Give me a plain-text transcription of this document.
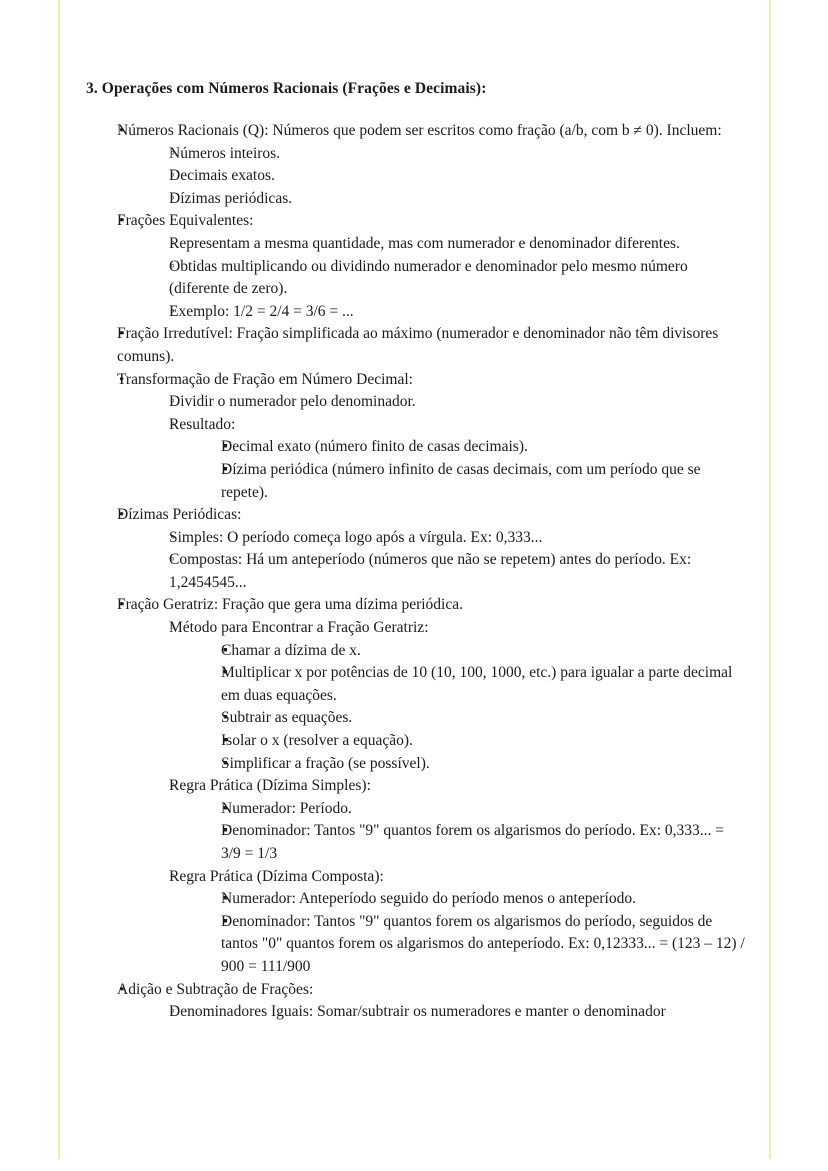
3. Operações com Números Racionais (Frações e Decimais):
• Números Racionais (Q): Números que podem ser escritos como fração (a/b, com b ≠ 0). Incluem:
◦ Números inteiros.
◦ Decimais exatos.
◦ Dízimas periódicas.
• Frações Equivalentes:
◦ Representam a mesma quantidade, mas com numerador e denominador diferentes.
◦ Obtidas multiplicando ou dividindo numerador e denominador pelo mesmo número (diferente de zero).
◦ Exemplo: 1/2 = 2/4 = 3/6 = ...
• Fração Irredutível: Fração simplificada ao máximo (numerador e denominador não têm divisores comuns).
• Transformação de Fração em Número Decimal:
◦ Dividir o numerador pelo denominador.
◦ Resultado:
▪ Decimal exato (número finito de casas decimais).
▪ Dízima periódica (número infinito de casas decimais, com um período que se repete).
• Dízimas Periódicas:
◦ Simples: O período começa logo após a vírgula. Ex: 0,333...
◦ Compostas: Há um anteperíodo (números que não se repetem) antes do período. Ex: 1,2454545...
• Fração Geratriz: Fração que gera uma dízima periódica.
◦ Método para Encontrar a Fração Geratriz:
▪ Chamar a dízima de x.
▪ Multiplicar x por potências de 10 (10, 100, 1000, etc.) para igualar a parte decimal em duas equações.
▪ Subtrair as equações.
▪ Isolar o x (resolver a equação).
▪ Simplificar a fração (se possível).
◦ Regra Prática (Dízima Simples):
▪ Numerador: Período.
▪ Denominador: Tantos "9" quantos forem os algarismos do período. Ex: 0,333... = 3/9 = 1/3
◦ Regra Prática (Dízima Composta):
▪ Numerador: Anteperíodo seguido do período menos o anteperíodo.
▪ Denominador: Tantos "9" quantos forem os algarismos do período, seguidos de tantos "0" quantos forem os algarismos do anteperíodo. Ex: 0,12333... = (123 – 12) / 900 = 111/900
• Adição e Subtração de Frações:
◦ Denominadores Iguais: Somar/subtrair os numeradores e manter o denominador
